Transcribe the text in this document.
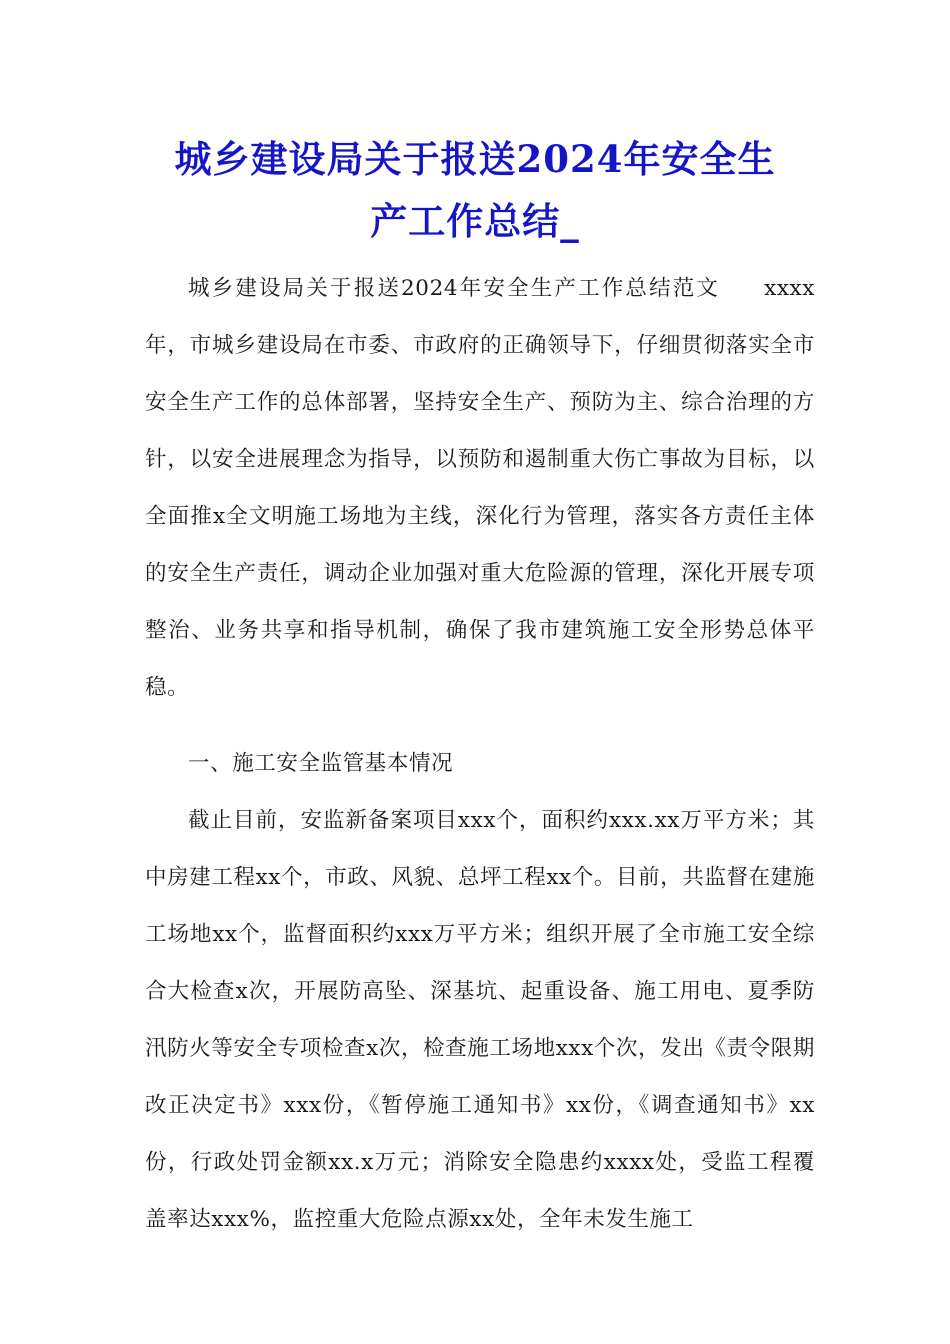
城乡建设局关于报送2024年安全生
产工作总结_

城乡建设局关于报送2024年安全生产工作总结范文 xxxx年，市城乡建设局在市委、市政府的正确领导下，仔细贯彻落实全市安全生产工作的总体部署，坚持安全生产、预防为主、综合治理的方针，以安全进展理念为指导，以预防和遏制重大伤亡事故为目标，以全面推x全文明施工场地为主线，深化行为管理，落实各方责任主体的安全生产责任，调动企业加强对重大危险源的管理，深化开展专项整治、业务共享和指导机制，确保了我市建筑施工安全形势总体平稳。

一、施工安全监管基本情况

截止目前，安监新备案项目xxx个，面积约xxx.xx万平方米；其中房建工程xx个，市政、风貌、总坪工程xx个。目前，共监督在建施工场地xx个，监督面积约xxx万平方米；组织开展了全市施工安全综合大检查x次，开展防高坠、深基坑、起重设备、施工用电、夏季防汛防火等安全专项检查x次，检查施工场地xxx个次，发出《责令限期改正决定书》xxx份，《暂停施工通知书》xx份，《调查通知书》xx份，行政处罚金额xx.x万元；消除安全隐患约xxxx处，受监工程覆盖率达xxx%，监控重大危险点源xx处，全年未发生施工
